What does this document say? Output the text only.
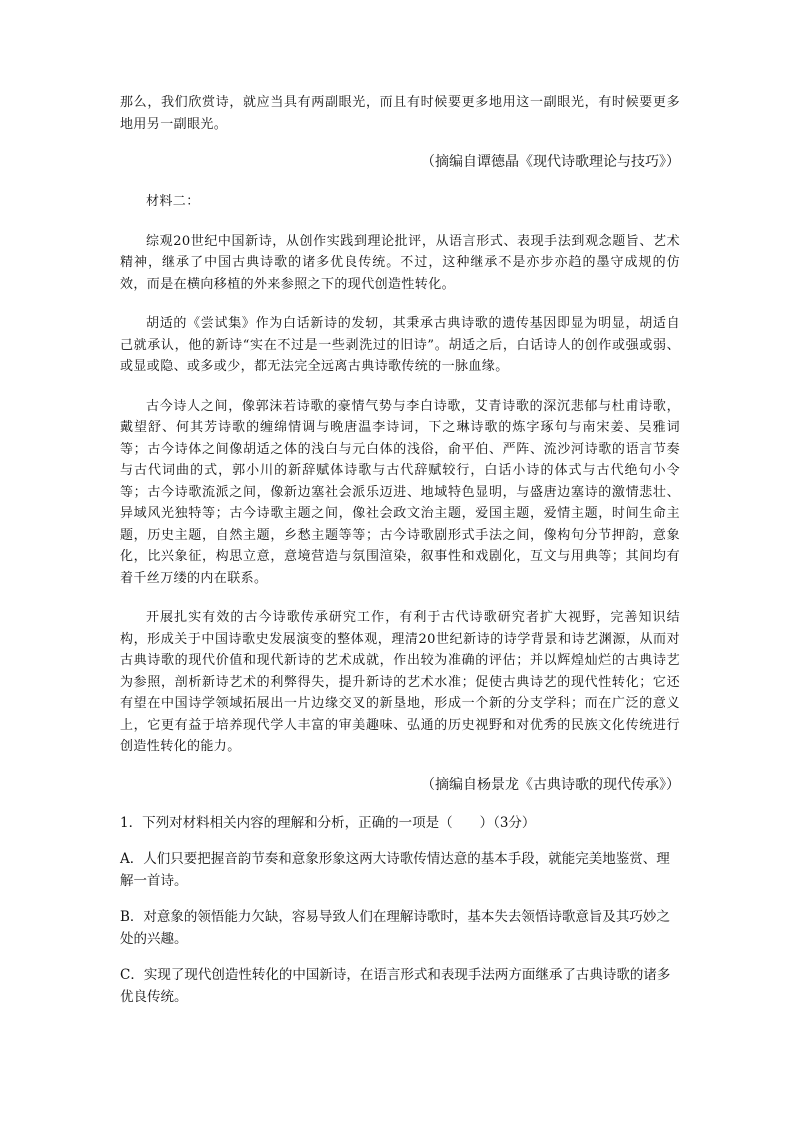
那么，我们欣赏诗，就应当具有两副眼光，而且有时候要更多地用这一副眼光，有时候要更多地用另一副眼光。

（摘编自谭德晶《现代诗歌理论与技巧》）

材料二：

综观20世纪中国新诗，从创作实践到理论批评，从语言形式、表现手法到观念题旨、艺术精神，继承了中国古典诗歌的诸多优良传统。不过，这种继承不是亦步亦趋的墨守成规的仿效，而是在横向移植的外来参照之下的现代创造性转化。

胡适的《尝试集》作为白话新诗的发轫，其秉承古典诗歌的遗传基因即显为明显，胡适自己就承认，他的新诗“实在不过是一些剥洗过的旧诗”。胡适之后，白话诗人的创作或强或弱、或显或隐、或多或少，都无法完全远离古典诗歌传统的一脉血缘。

古今诗人之间，像郭沫若诗歌的豪情气势与李白诗歌，艾青诗歌的深沉悲郁与杜甫诗歌，戴望舒、何其芳诗歌的缠绵情调与晚唐温李诗词，下之琳诗歌的炼字琢句与南宋姜、吴雅词等；古今诗体之间像胡适之体的浅白与元白体的浅俗，俞平伯、严阵、流沙河诗歌的语言节奏与古代词曲的式，郭小川的新辞赋体诗歌与古代辞赋较行，白话小诗的体式与古代绝句小令等；古今诗歌流派之间，像新边塞社会派乐迈进、地域特色显明，与盛唐边塞诗的激情悲壮、异域风光独特等；古今诗歌主题之间，像社会政文治主题，爱国主题，爱情主题，时间生命主题，历史主题，自然主题，乡愁主题等等；古今诗歌剧形式手法之间，像构句分节押韵，意象化，比兴象征，构思立意，意境营造与氛围渲染，叙事性和戏剧化，互文与用典等；其间均有着千丝万缕的内在联系。

开展扎实有效的古今诗歌传承研究工作，有利于古代诗歌研究者扩大视野，完善知识结构，形成关于中国诗歌史发展演变的整体观，理清20世纪新诗的诗学背景和诗艺渊源，从而对古典诗歌的现代价值和现代新诗的艺术成就，作出较为准确的评估；并以辉煌灿烂的古典诗艺为参照，剖析新诗艺术的利弊得失，提升新诗的艺术水准；促使古典诗艺的现代性转化；它还有望在中国诗学领域拓展出一片边缘交叉的新垦地，形成一个新的分支学科；而在广泛的意义上，它更有益于培养现代学人丰富的审美趣味、弘通的历史视野和对优秀的民族文化传统进行创造性转化的能力。

（摘编自杨景龙《古典诗歌的现代传承》）

1．下列对材料相关内容的理解和分析，正确的一项是（　　）（3分）

A．人们只要把握音韵节奏和意象形象这两大诗歌传情达意的基本手段，就能完美地鉴赏、理解一首诗。

B．对意象的领悟能力欠缺，容易导致人们在理解诗歌时，基本失去领悟诗歌意旨及其巧妙之处的兴趣。

C．实现了现代创造性转化的中国新诗，在语言形式和表现手法两方面继承了古典诗歌的诸多优良传统。
